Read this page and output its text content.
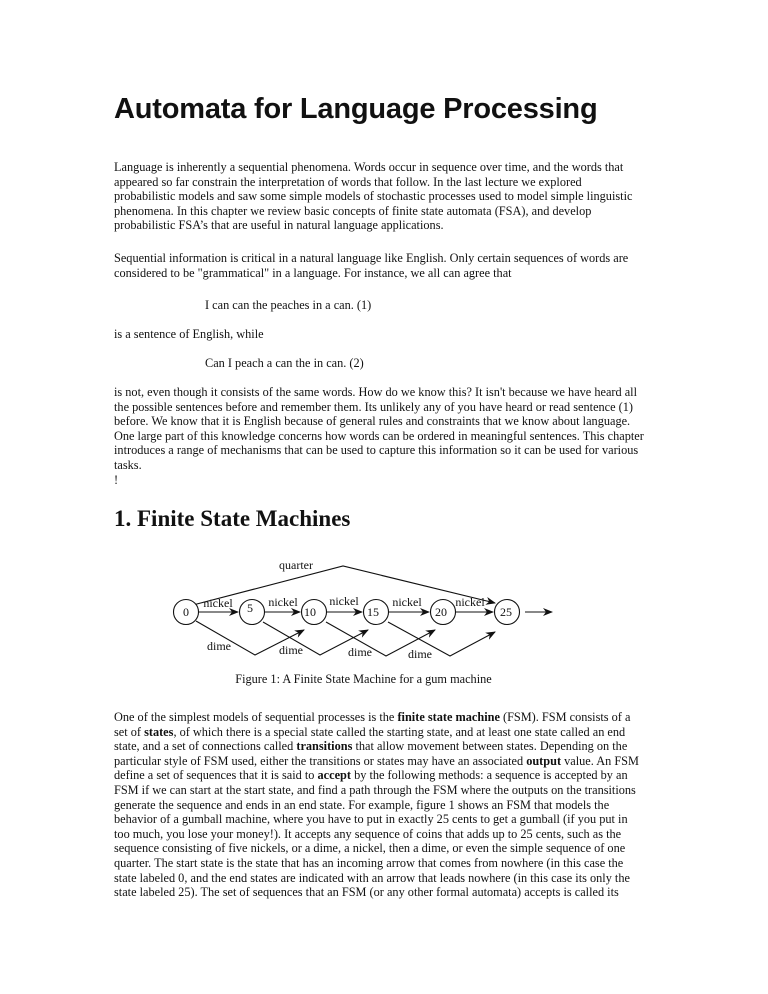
Automata for Language Processing
Language is inherently a sequential phenomena. Words occur in sequence over time, and the words that
appeared so far constrain the interpretation of words that follow. In the last lecture we explored
probabilistic models and saw some simple models of stochastic processes used to model simple linguistic
phenomena. In this chapter we review basic concepts of finite state automata (FSA), and develop
probabilistic FSA’s that are useful in natural language applications.
Sequential information is critical in a natural language like English. Only certain sequences of words are
considered to be "grammatical" in a language. For instance, we all can agree that
I can can the peaches in a can. (1)
is a sentence of English, while
Can I peach a can the in can. (2)
is not, even though it consists of the same words. How do we know this? It isn't because we have heard all
the possible sentences before and remember them. Its unlikely any of you have heard or read sentence (1)
before. We know that it is English because of general rules and constraints that we know about language.
One large part of this knowledge concerns how words can be ordered in meaningful sentences. This chapter
introduces a range of mechanisms that can be used to capture this information so it can be used for various
tasks.
!
1. Finite State Machines
0	5	10	15	20	25
quarter
nickel	nickel	nickel	nickel	nickel
dime	dime	dime	dime
Figure 1: A Finite State Machine for a gum machine
One of the simplest models of sequential processes is the finite state machine (FSM). FSM consists of a
set of states, of which there is a special state called the starting state, and at least one state called an end
state, and a set of connections called transitions that allow movement between states. Depending on the
particular style of FSM used, either the transitions or states may have an associated output value. An FSM
define a set of sequences that it is said to accept by the following methods: a sequence is accepted by an
FSM if we can start at the start state, and find a path through the FSM where the outputs on the transitions
generate the sequence and ends in an end state. For example, figure 1 shows an FSM that models the
behavior of a gumball machine, where you have to put in exactly 25 cents to get a gumball (if you put in
too much, you lose your money!). It accepts any sequence of coins that adds up to 25 cents, such as the
sequence consisting of five nickels, or a dime, a nickel, then a dime, or even the simple sequence of one
quarter. The start state is the state that has an incoming arrow that comes from nowhere (in this case the
state labeled 0, and the end states are indicated with an arrow that leads nowhere (in this case its only the
state labeled 25). The set of sequences that an FSM (or any other formal automata) accepts is called its
